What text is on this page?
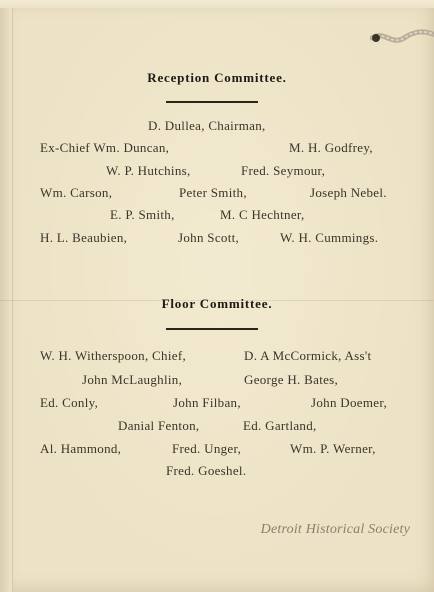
Reception Committee.
D. Dullea, Chairman,
Ex-Chief Wm. Duncan,	M. H. Godfrey,
W. P. Hutchins,	Fred. Seymour,
Wm. Carson,	Peter Smith,	Joseph Nebel.
E. P. Smith,	M. C Hechtner,
H. L. Beaubien,	John Scott,	W. H. Cummings.
Floor Committee.
W. H. Witherspoon, Chief,	D. A McCormick, Ass't
John McLaughlin,	George H. Bates,
Ed. Conly,	John Filban,	John Doemer,
Danial Fenton,	Ed. Gartland,
Al. Hammond,	Fred. Unger,	Wm. P. Werner,
Fred. Goeshel.
Detroit Historical Society
